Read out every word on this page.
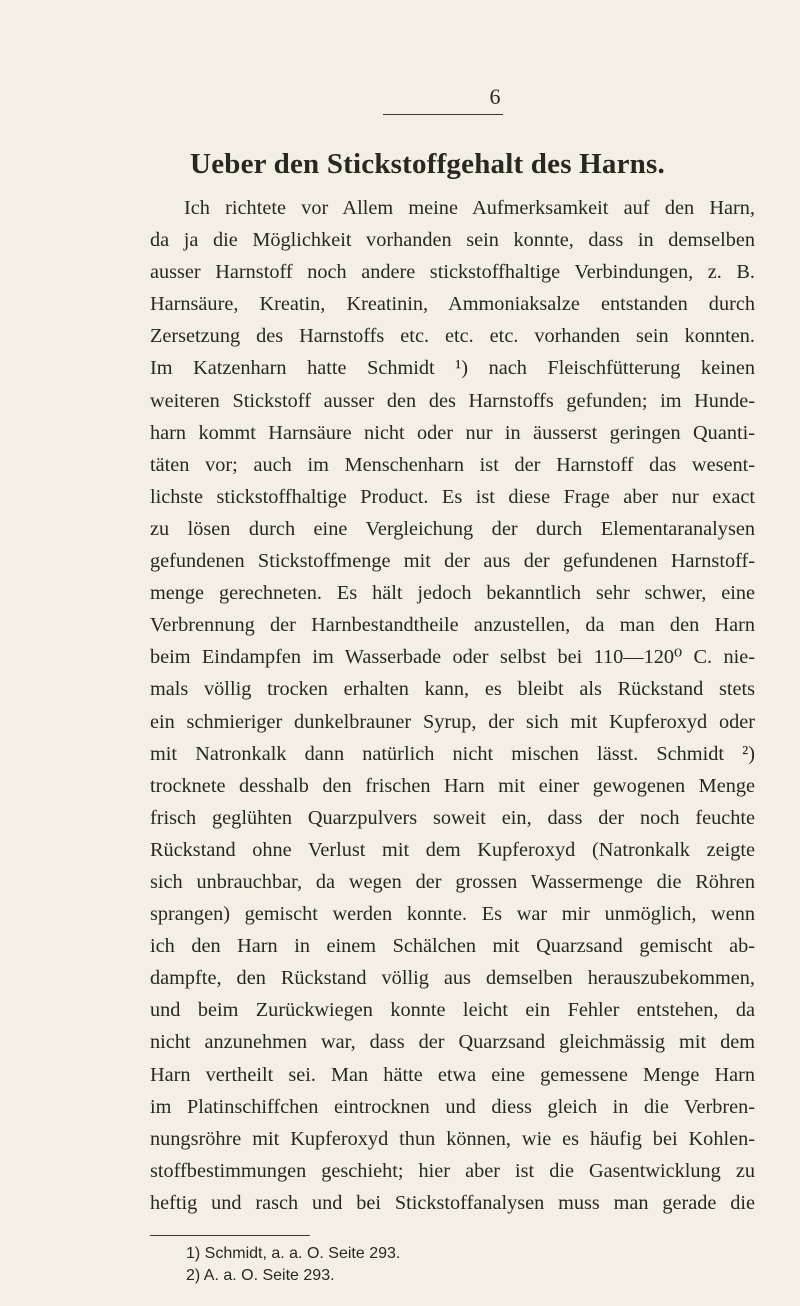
6
Ueber den Stickstoffgehalt des Harns.
Ich richtete vor Allem meine Aufmerksamkeit auf den Harn,
da ja die Möglichkeit vorhanden sein konnte, dass in demselben
ausser Harnstoff noch andere stickstoffhaltige Verbindungen, z. B.
Harnsäure, Kreatin, Kreatinin, Ammoniaksalze entstanden durch
Zersetzung des Harnstoffs etc. etc. etc. vorhanden sein konnten.
Im Katzenharn hatte Schmidt ¹) nach Fleischfütterung keinen
weiteren Stickstoff ausser den des Harnstoffs gefunden; im Hunde-
harn kommt Harnsäure nicht oder nur in äusserst geringen Quanti-
täten vor; auch im Menschenharn ist der Harnstoff das wesent-
lichste stickstoffhaltige Product. Es ist diese Frage aber nur exact
zu lösen durch eine Vergleichung der durch Elementaranalysen
gefundenen Stickstoffmenge mit der aus der gefundenen Harnstoff-
menge gerechneten. Es hält jedoch bekanntlich sehr schwer, eine
Verbrennung der Harnbestandtheile anzustellen, da man den Harn
beim Eindampfen im Wasserbade oder selbst bei 110—120⁰ C. nie-
mals völlig trocken erhalten kann, es bleibt als Rückstand stets
ein schmieriger dunkelbrauner Syrup, der sich mit Kupferoxyd oder
mit Natronkalk dann natürlich nicht mischen lässt. Schmidt ²)
trocknete desshalb den frischen Harn mit einer gewogenen Menge
frisch geglühten Quarzpulvers soweit ein, dass der noch feuchte
Rückstand ohne Verlust mit dem Kupferoxyd (Natronkalk zeigte
sich unbrauchbar, da wegen der grossen Wassermenge die Röhren
sprangen) gemischt werden konnte. Es war mir unmöglich, wenn
ich den Harn in einem Schälchen mit Quarzsand gemischt ab-
dampfte, den Rückstand völlig aus demselben herauszubekommen,
und beim Zurückwiegen konnte leicht ein Fehler entstehen, da
nicht anzunehmen war, dass der Quarzsand gleichmässig mit dem
Harn vertheilt sei. Man hätte etwa eine gemessene Menge Harn
im Platinschiffchen eintrocknen und diess gleich in die Verbren-
nungsröhre mit Kupferoxyd thun können, wie es häufig bei Kohlen-
stoffbestimmungen geschieht; hier aber ist die Gasentwicklung zu
heftig und rasch und bei Stickstoffanalysen muss man gerade die
1) Schmidt, a. a. O. Seite 293.
2) A. a. O. Seite 293.
